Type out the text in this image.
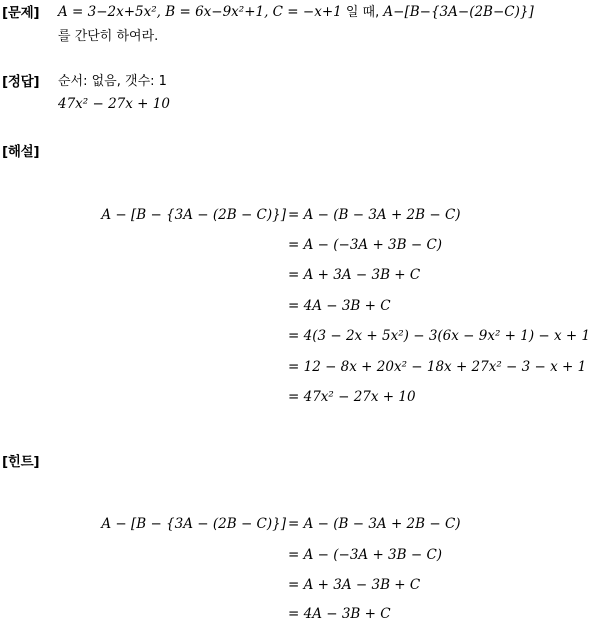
[문제] A = 3−2x+5x², B = 6x−9x²+1, C = −x+1 일 때, A−[B−{3A−(2B−C)}]
를 간단히 하여라.
[정답] 순서: 없음, 갯수: 1
47x² − 27x + 10
[해설]
A − [B − {3A − (2B − C)}] = A − (B − 3A + 2B − C)
= A − (−3A + 3B − C)
= A + 3A − 3B + C
= 4A − 3B + C
= 4(3 − 2x + 5x²) − 3(6x − 9x² + 1) − x + 1
= 12 − 8x + 20x² − 18x + 27x² − 3 − x + 1
= 47x² − 27x + 10
[힌트]
A − [B − {3A − (2B − C)}] = A − (B − 3A + 2B − C)
= A − (−3A + 3B − C)
= A + 3A − 3B + C
= 4A − 3B + C
